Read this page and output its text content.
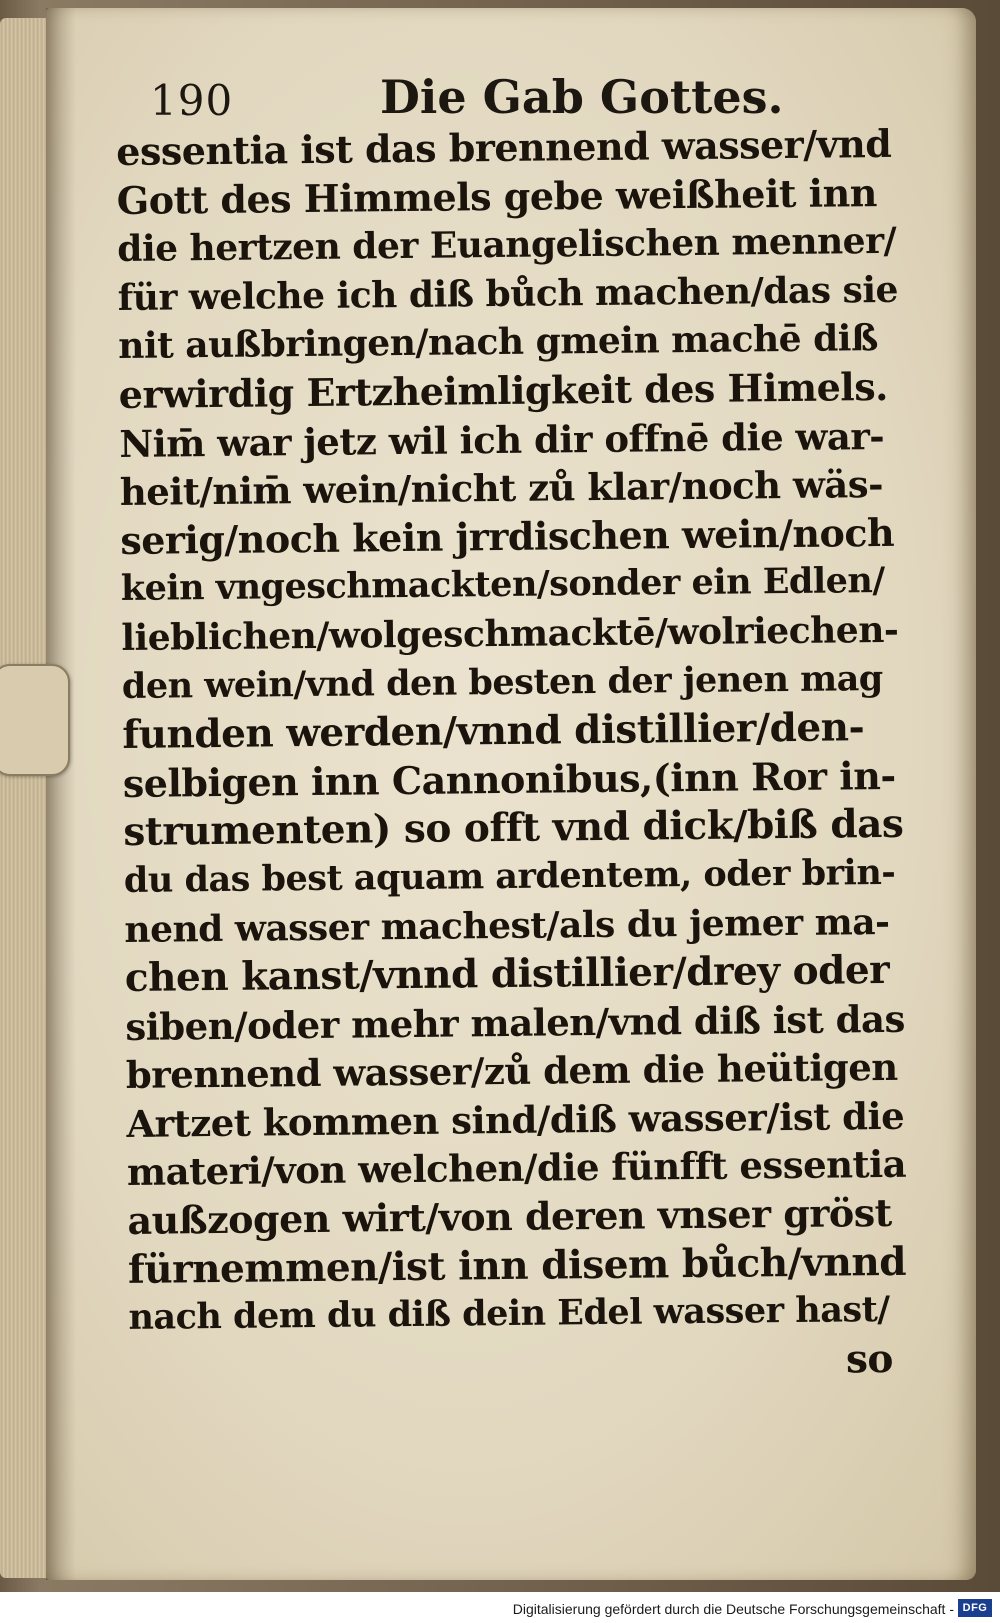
190	Die Gab Gottes.
essentia ist das brennend wasser/vnd
Gott des Himmels gebe weißheit inn
die hertzen der Euangelischen menner/
für welche ich diß bůch machen/das sie
nit außbringen/nach gmein machē diß
erwirdig Ertzheimligkeit des Himels.
Nim̄ war jetz wil ich dir offnē die war-
heit/nim̄ wein/nicht zů klar/noch wäs-
serig/noch kein jrrdischen wein/noch
kein vngeschmackten/sonder ein Edlen/
lieblichen/wolgeschmacktē/wolriechen-
den wein/vnd den besten der jenen mag
funden werden/vnnd distillier/den-
selbigen inn Cannonibus,(inn Ror in-
strumenten) so offt vnd dick/biß das
du das best aquam ardentem, oder brin-
nend wasser machest/als du jemer ma-
chen kanst/vnnd distillier/drey oder
siben/oder mehr malen/vnd diß ist das
brennend wasser/zů dem die heütigen
Artzet kommen sind/diß wasser/ist die
materi/von welchen/die fünfft essentia
außzogen wirt/von deren vnser gröst
fürnemmen/ist inn disem bůch/vnnd
nach dem du diß dein Edel wasser hast/
so
Digitalisierung gefördert durch die Deutsche Forschungsgemeinschaft - DFG
